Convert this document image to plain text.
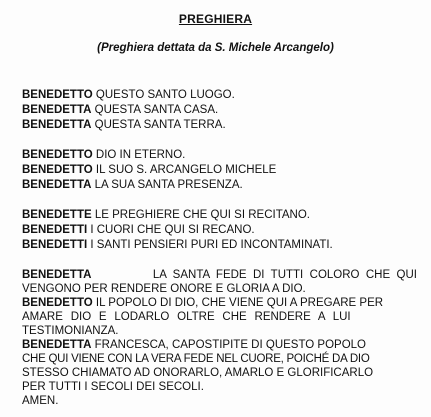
PREGHIERA
(Preghiera dettata da S. Michele Arcangelo)
BENEDETTO QUESTO SANTO LUOGO.
BENEDETTA QUESTA SANTA CASA.
BENEDETTA QUESTA SANTA TERRA.
BENEDETTO DIO IN ETERNO.
BENEDETTO IL SUO S. ARCANGELO MICHELE
BENEDETTA LA SUA SANTA PRESENZA.
BENEDETTE LE PREGHIERE CHE QUI SI RECITANO.
BENEDETTI I CUORI CHE QUI SI RECANO.
BENEDETTI I SANTI PENSIERI PURI ED INCONTAMINATI.
BENEDETTA	LA SANTA FEDE DI TUTTI COLORO CHE QUI
VENGONO PER RENDERE ONORE E GLORIA A DIO.
BENEDETTO IL POPOLO DI DIO, CHE VIENE QUI A PREGARE PER
AMARE DIO E LODARLO OLTRE CHE RENDERE A LUI
TESTIMONIANZA.
BENEDETTA FRANCESCA, CAPOSTIPITE DI QUESTO POPOLO
CHE QUI VIENE CON LA VERA FEDE NEL CUORE, POICHÉ DA DIO
STESSO CHIAMATO AD ONORARLO, AMARLO E GLORIFICARLO
PER TUTTI I SECOLI DEI SECOLI.
AMEN.
